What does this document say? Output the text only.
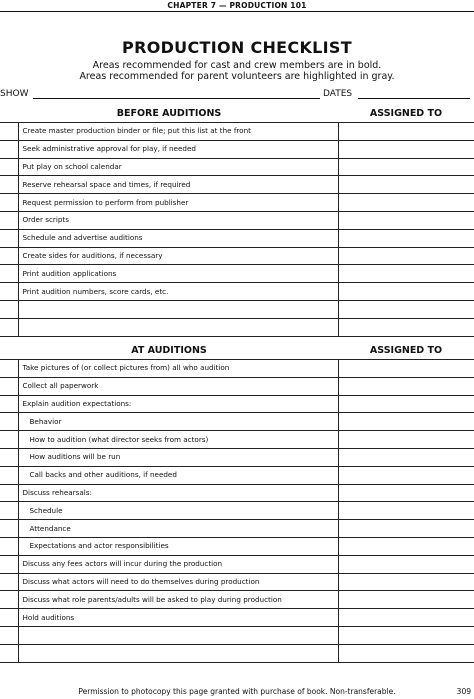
CHAPTER 7 — PRODUCTION 101
PRODUCTION CHECKLIST
Areas recommended for cast and crew members are in bold.
Areas recommended for parent volunteers are highlighted in gray.
SHOW	DATES
BEFORE AUDITIONS	ASSIGNED TO
	Create master production binder or file; put this list at the front	
	Seek administrative approval for play, if needed	
	Put play on school calendar	
	Reserve rehearsal space and times, if required	
	Request permission to perform from publisher	
	Order scripts	
	Schedule and advertise auditions	
	Create sides for auditions, if necessary	
	Print audition applications	
	Print audition numbers, score cards, etc.	

AT AUDITIONS	ASSIGNED TO
	Take pictures of (or collect pictures from) all who audition	
	Collect all paperwork	
	Explain audition expectations:	
	Behavior	
	How to audition (what director seeks from actors)	
	How auditions will be run	
	Call backs and other auditions, if needed	
	Discuss rehearsals:	
	Schedule	
	Attendance	
	Expectations and actor responsibilities	
	Discuss any fees actors will incur during the production	
	Discuss what actors will need to do themselves during production	
	Discuss what role parents/adults will be asked to play during production	
	Hold auditions	

Permission to photocopy this page granted with purchase of book. Non-transferable.	309
